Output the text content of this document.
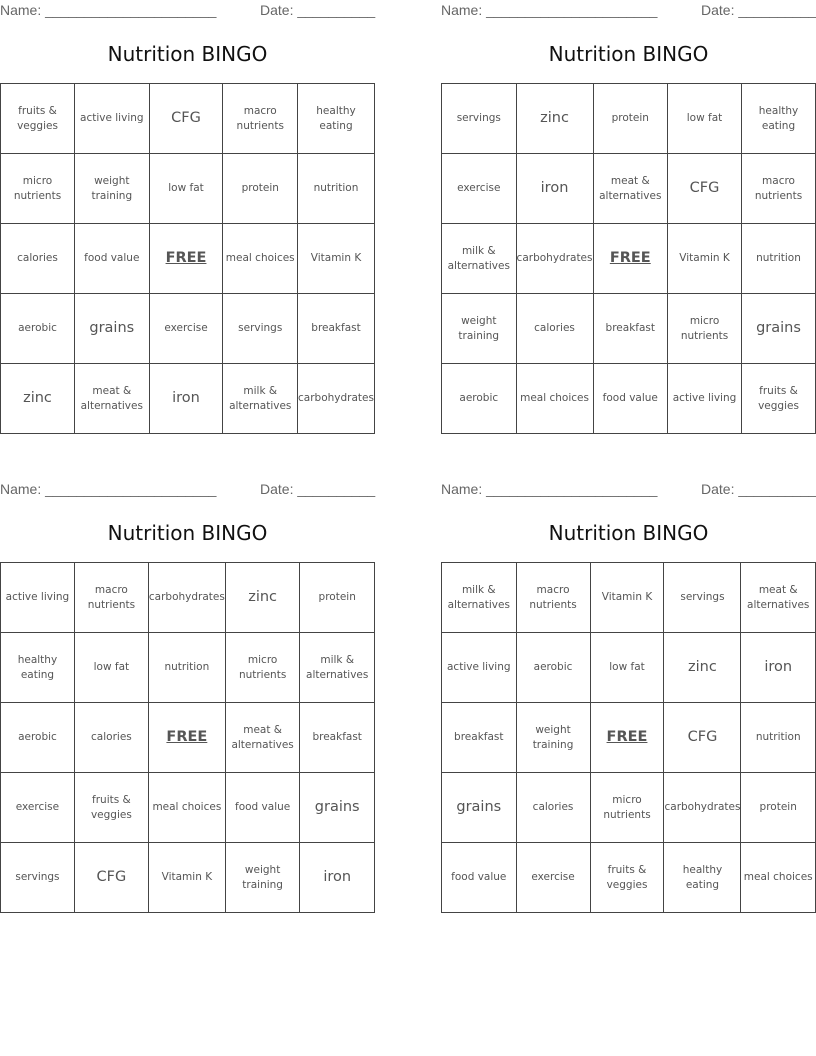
Name: ______________________	Date: __________
Nutrition BINGO
fruits & veggies	active living	CFG	macro nutrients	healthy eating
micro nutrients	weight training	low fat	protein	nutrition
calories	food value	FREE	meal choices	Vitamin K
aerobic	grains	exercise	servings	breakfast
zinc	meat & alternatives	iron	milk & alternatives	carbohydrates
Name: ______________________	Date: __________
Nutrition BINGO
servings	zinc	protein	low fat	healthy eating
exercise	iron	meat & alternatives	CFG	macro nutrients
milk & alternatives	carbohydrates	FREE	Vitamin K	nutrition
weight training	calories	breakfast	micro nutrients	grains
aerobic	meal choices	food value	active living	fruits & veggies
Name: ______________________	Date: __________
Nutrition BINGO
active living	macro nutrients	carbohydrates	zinc	protein
healthy eating	low fat	nutrition	micro nutrients	milk & alternatives
aerobic	calories	FREE	meat & alternatives	breakfast
exercise	fruits & veggies	meal choices	food value	grains
servings	CFG	Vitamin K	weight training	iron
Name: ______________________	Date: __________
Nutrition BINGO
milk & alternatives	macro nutrients	Vitamin K	servings	meat & alternatives
active living	aerobic	low fat	zinc	iron
breakfast	weight training	FREE	CFG	nutrition
grains	calories	micro nutrients	carbohydrates	protein
food value	exercise	fruits & veggies	healthy eating	meal choices
